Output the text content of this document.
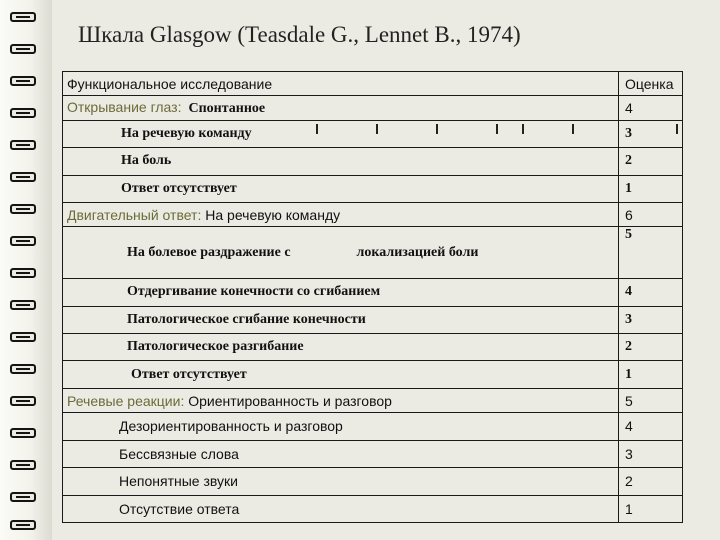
Шкала Glasgow (Teasdale G., Lennet B., 1974)
Функциональное исследование	Оценка
Открывание глаз: Спонтанное	4
На речевую команду	3
На боль	2
Ответ отсутствует	1
Двигательный ответ: На речевую команду	6
На болевое раздражение с локализацией боли	5
Отдергивание конечности со сгибанием	4
Патологическое сгибание конечности	3
Патологическое разгибание	2
Ответ отсутствует	1
Речевые реакции: Ориентированность и разговор	5
Дезориентированность и разговор	4
Бессвязные слова	3
Непонятные звуки	2
Отсутствие ответа	1
